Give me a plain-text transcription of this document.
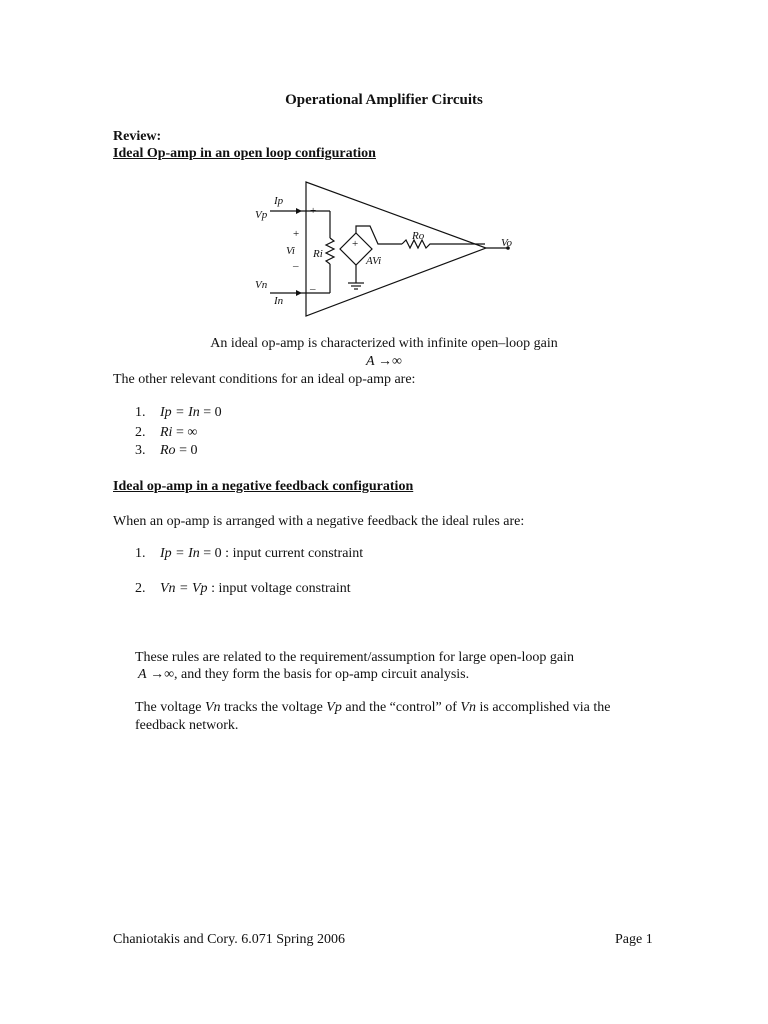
Operational Amplifier Circuits
Review:
Ideal Op-amp in an open loop configuration
Ip
Vp
Vi Ri
Ro
AVi
Vo
Vn
In
+
+
–
–
+
An ideal op-amp is characterized with infinite open–loop gain
A →∞
The other relevant conditions for an ideal op-amp are:
1. Ip = In = 0
2. Ri = ∞
3. Ro = 0
Ideal op-amp in a negative feedback configuration
When an op-amp is arranged with a negative feedback the ideal rules are:
1. Ip = In = 0 : input current constraint
2. Vn = Vp : input voltage constraint
These rules are related to the requirement/assumption for large open-loop gain
A →∞, and they form the basis for op-amp circuit analysis.
The voltage Vn tracks the voltage Vp and the “control” of Vn is accomplished via the
feedback network.
Chaniotakis and Cory. 6.071 Spring 2006	Page 1
